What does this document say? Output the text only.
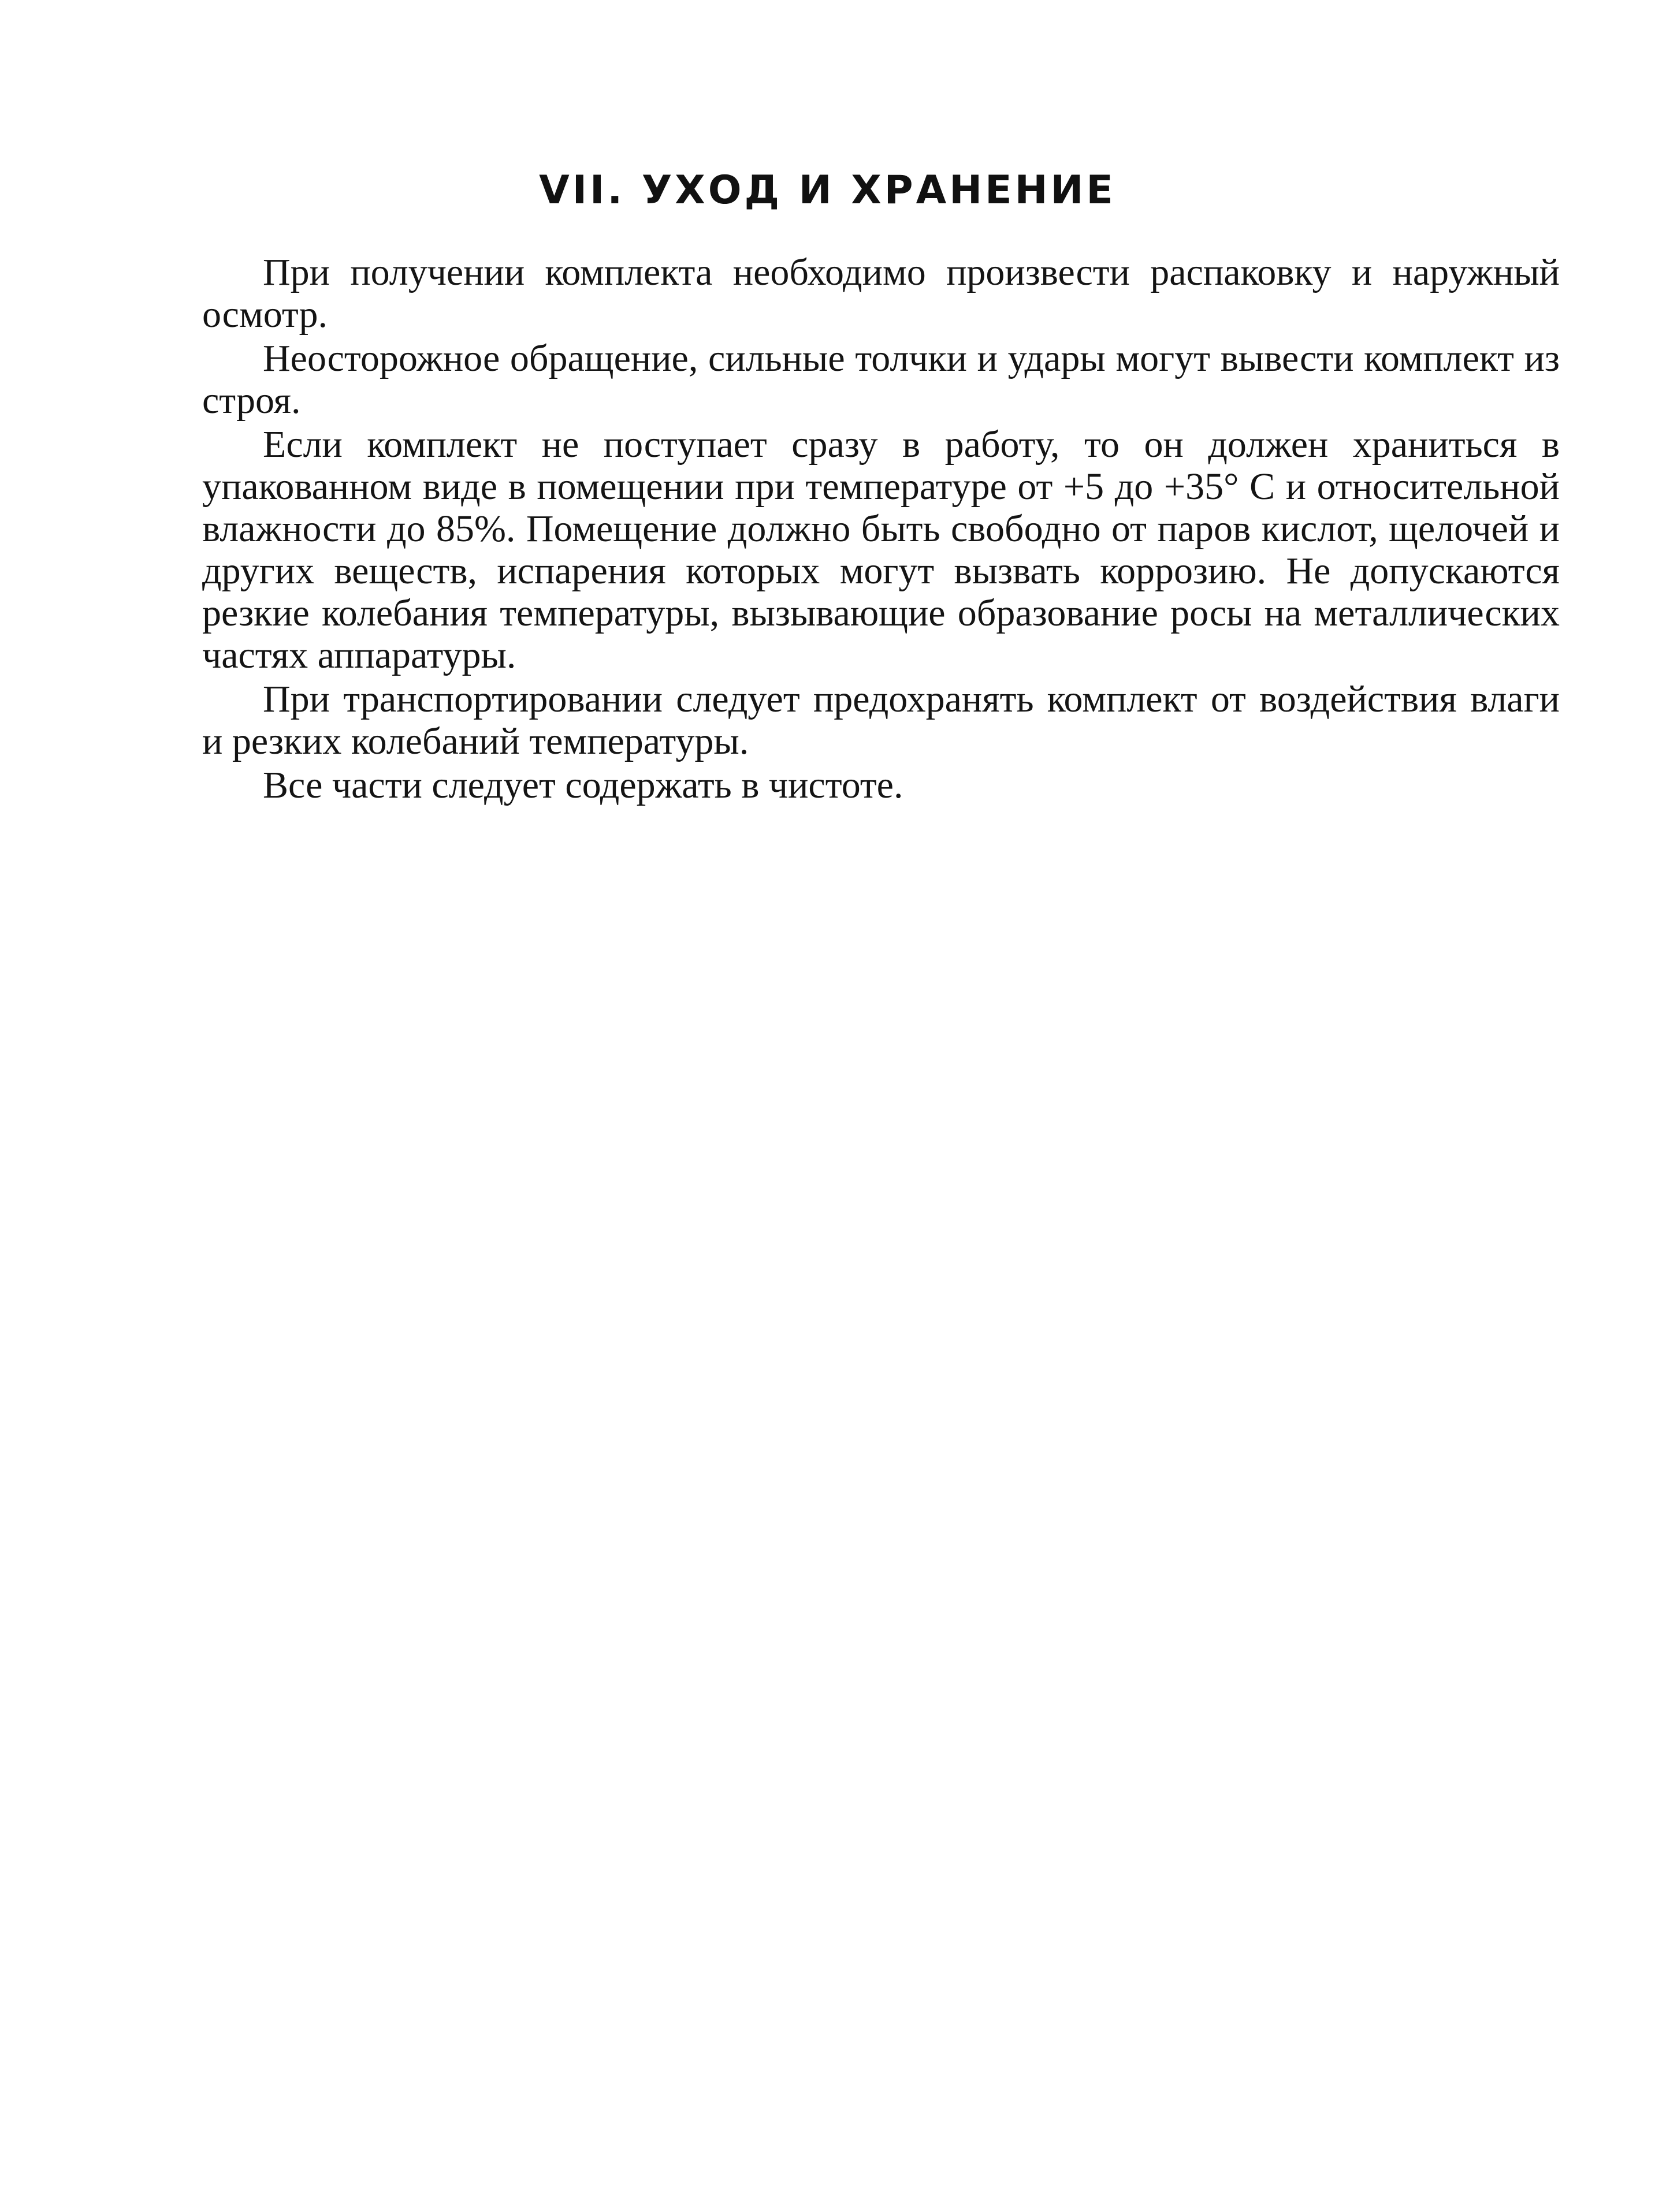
VII. УХОД И ХРАНЕНИЕ

При получении комплекта необходимо произвести распаковку и наружный осмотр.

Неосторожное обращение, сильные толчки и удары могут вывести комплект из строя.

Если комплект не поступает сразу в работу, то он должен храниться в упакованном виде в помещении при температуре от +5 до +35° С и относительной влажности до 85%. Помещение должно быть свободно от паров кислот, щелочей и других веществ, испарения которых могут вызвать коррозию. Не допускаются резкие колебания температуры, вызывающие образование росы на металлических частях аппаратуры.

При транспортировании следует предохранять комплект от воздействия влаги и резких колебаний температуры.

Все части следует содержать в чистоте.
